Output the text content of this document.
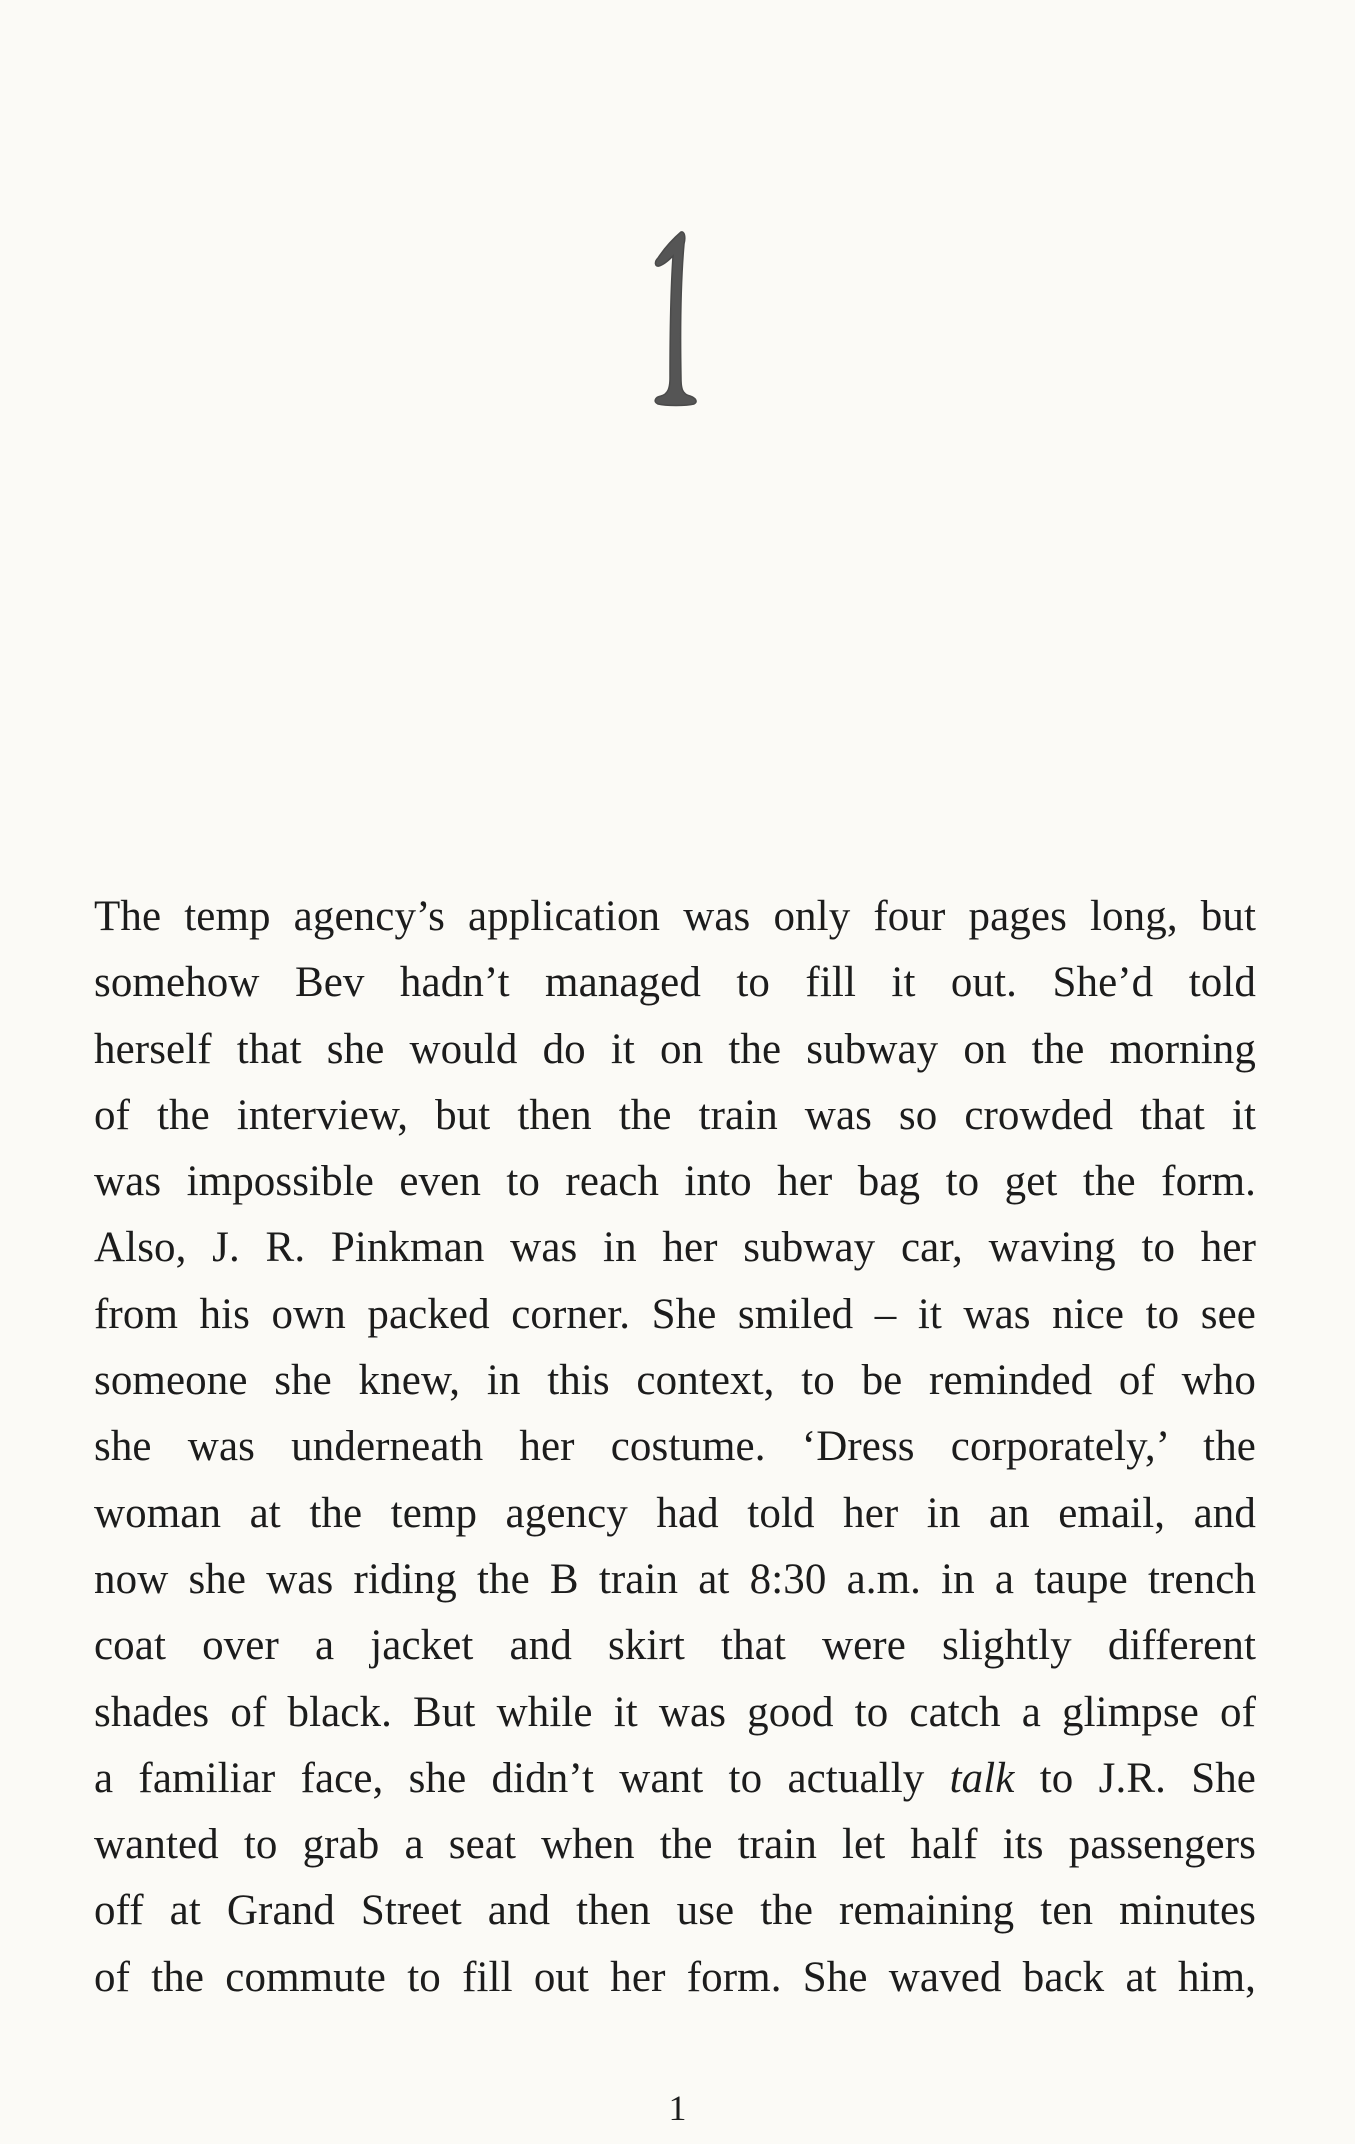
The temp agency’s application was only four pages long, but
somehow Bev hadn’t managed to fill it out. She’d told
herself that she would do it on the subway on the morning
of the interview, but then the train was so crowded that it
was impossible even to reach into her bag to get the form.
Also, J. R. Pinkman was in her subway car, waving to her
from his own packed corner. She smiled – it was nice to see
someone she knew, in this context, to be reminded of who
she was underneath her costume. ‘Dress corporately,’ the
woman at the temp agency had told her in an email, and
now she was riding the B train at 8:30 a.m. in a taupe trench
coat over a jacket and skirt that were slightly different
shades of black. But while it was good to catch a glimpse of
a familiar face, she didn’t want to actually talk to J.R. She
wanted to grab a seat when the train let half its passengers
off at Grand Street and then use the remaining ten minutes
of the commute to fill out her form. She waved back at him,
1
